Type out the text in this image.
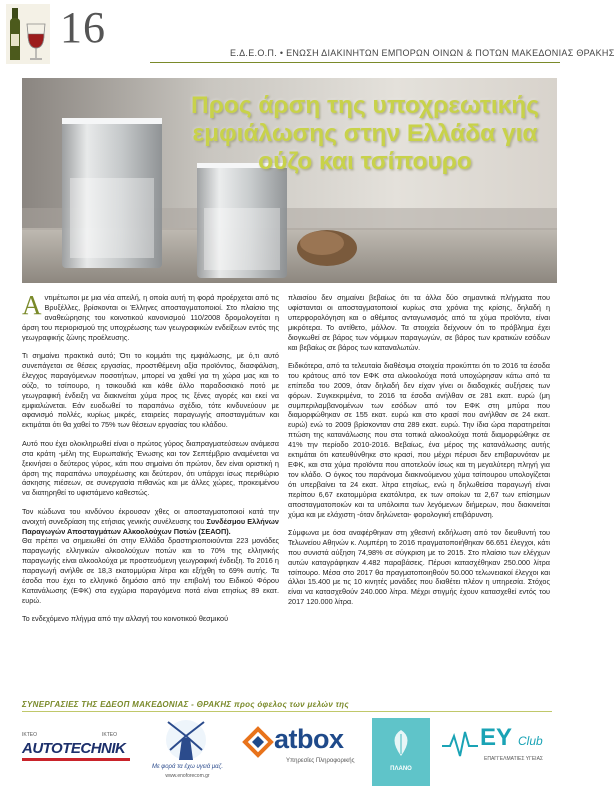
16
Ε.Δ.Ε.Ο.Π. • ΕΝΩΣΗ ΔΙΑΚΙΝΗΤΩΝ ΕΜΠΟΡΩΝ ΟΙΝΩΝ & ΠΟΤΩΝ ΜΑΚΕΔΟΝΙΑΣ ΘΡΑΚΗΣ
Προς άρση της υποχρεωτικής εμφιάλωσης στην Ελλάδα για ούζο και τσίπουρο

Αντιμέτωποι με μια νέα απειλή, η οποία αυτή τη φορά προέρχεται από τις Βρυξέλλες, βρίσκονται οι Έλληνες αποσταγματοποιοί. Στο πλαίσιο της αναθεώρησης του κοινοτικού κανονισμού 110/2008 δρομολογείται η άρση του περιορισμού της υποχρέωσης των γεωγραφικών ενδείξεων εντός της γεωγραφικής ζώνης προέλευσης.

Τι σημαίνει πρακτικά αυτό; Ότι το κομμάτι της εμφιάλωσης, με ό,τι αυτό συνεπάγεται σε θέσεις εργασίας, προστιθέμενη αξία προϊόντος, διασφάλιση, έλεγχος παραγόμενων ποσοτήτων, μπορεί να χαθεί για τη χώρα μας και το ούζο, το τσίπουρο, η τσικουδιά και κάθε άλλο παραδοσιακό ποτό με γεωγραφική ένδειξη να διακινείται χύμα προς τις ξένες αγορές και εκεί να εμφιαλώνεται. Εάν ευοδωθεί το παραπάνω σχέδιο, τότε κινδυνεύουν με αφανισμό πολλές, κυρίως μικρές, εταιρείες παραγωγής αποσταγμάτων και εκτιμάται ότι θα χαθεί το 75% των θέσεων εργασίας του κλάδου.

Αυτό που έχει ολοκληρωθεί είναι ο πρώτος γύρος διαπραγματεύσεων ανάμεσα στα κράτη -μέλη της Ευρωπαϊκής Ένωσης και τον Σεπτέμβριο αναμένεται να ξεκινήσει ο δεύτερος γύρος, κάτι που σημαίνει ότι πρώτον, δεν είναι οριστική η άρση της παραπάνω υποχρέωσης και δεύτερον, ότι υπάρχει ίσως περιθώριο άσκησης πιέσεων, σε συνεργασία πιθανώς και με άλλες χώρες, προκειμένου να διατηρηθεί το υφιστάμενο καθεστώς.

Τον κώδωνα του κινδύνου έκρουσαν χθες οι αποσταγματοποιοί κατά την ανοιχτή συνεδρίαση της ετήσιας γενικής συνέλευσης του Συνδέσμου Ελλήνων Παραγωγών Αποσταγμάτων Αλκοολούχων Ποτών (ΣΕΑΟΠ).

Θα πρέπει να σημειωθεί ότι στην Ελλάδα δραστηριοποιούνται 223 μονάδες παραγωγής ελληνικών αλκοολούχων ποτών και το 70% της ελληνικής παραγωγής είναι αλκοολούχα με προστευόμενη γεωγραφική ένδειξη. Το 2016 η παραγωγή ανήλθε σε 18,3 εκατομμύρια λίτρα και εξήχθη το 69% αυτής. Τα έσοδα που έχει το ελληνικό δημόσιο από την επιβολή του Ειδικού Φόρου Κατανάλωσης (ΕΦΚ) στα εγχώρια παραγόμενα ποτά είναι ετησίως 89 εκατ. ευρώ.

Το ενδεχόμενο πλήγμα από την αλλαγή του κοινοτικού θεσμικού

πλαισίου δεν σημαίνει βεβαίως ότι τα άλλα δύο σημαντικά πλήγματα που υφίστανται οι αποσταγματοποιοί κυρίως στα χρόνια της κρίσης, δηλαδή η υπερφορολόγηση και ο αθέμιτος ανταγωνισμός από τα χύμα προϊόντα, είναι μικρότερα. Το αντίθετο, μάλλον. Τα στοιχεία δείχνουν ότι το πρόβλημα έχει διογκωθεί σε βάρος των νόμιμων παραγωγών, σε βάρος των κρατικών εσόδων και βεβαίως σε βάρος των καταναλωτών.

Ειδικότερα, από τα τελευταία διαθέσιμα στοιχεία προκύπτει ότι το 2016 τα έσοδα του κράτους από τον ΕΦΚ στα αλκοολούχα ποτά υποχώρησαν κάτω από τα επίπεδα του 2009, όταν δηλαδή δεν είχαν γίνει οι διαδοχικές αυξήσεις των φόρων. Συγκεκριμένα, το 2016 τα έσοδα ανήλθαν σε 281 εκατ. ευρώ (μη συμπεριλαμβανομένων των εσόδων από τον ΕΦΚ στη μπύρα που διαμορφώθηκαν σε 155 εκατ. ευρώ και στο κρασί που ανήλθαν σε 24 εκατ. ευρώ) ενώ το 2009 βρίσκονταν στα 289 εκατ. ευρώ. Την ίδια ώρα παρατηρείται πτώση της κατανάλωσης που στα τοπικά αλκοολούχα ποτά διαμορφώθηκε σε 41% την περίοδο 2010-2016. Βεβαίως, ένα μέρος της κατανάλωσης αυτής εκτιμάται ότι κατευθύνθηκε στο κρασί, που μέχρι πέρυσι δεν επιβαρυνόταν με ΕΦΚ, και στα χύμα προϊόντα που αποτελούν ίσως και τη μεγαλύτερη πληγή για τον κλάδο. Ο όγκος του παράνομα διακινούμενου χύμα τσίπουρου υπολογίζεται ότι υπερβαίνει τα 24 εκατ. λίτρα ετησίως, ενώ η δηλωθείσα παραγωγή είναι περίπου 6,67 εκατομμύρια εκατόλιτρα, εκ των οποίων τα 2,67 των επίσημων αποσταγματοποιών και τα υπόλοιπα των λεγόμενων διήμερων, που διακινείται χύμα και με ελάχιστη -όταν δηλώνεται- φορολογική επιβάρυνση.

Σύμφωνα με όσα αναφέρθηκαν στη χθεσινή εκδήλωση από τον διευθυντή του Τελωνείου Αθηνών κ. Λυμπέρη το 2016 πραγματοποιήθηκαν 66.651 έλεγχοι, κάτι που συνιστά αύξηση 74,98% σε σύγκριση με το 2015. Στο πλαίσιο των ελέγχων αυτών καταγράφηκαν 4.482 παραβάσεις. Πέρυσι κατασχέθηκαν 250.000 λίτρα τσίπουρο. Μέσα στο 2017 θα πραγματοποιηθούν 50.000 τελωνειακοί έλεγχοι και άλλοι 15.400 με τις 10 κινητές μονάδες που διαθέτει πλέον η υπηρεσία. Στόχος είναι να κατασχεθούν 240.000 λίτρα. Μέχρι στιγμής έχουν κατασχεθεί εντός του 2017 120.000 λίτρα.

ΣΥΝΕΡΓΑΣΙΕΣ ΤΗΣ ΕΔΕΟΠ ΜΑΚΕΔΟΝΙΑΣ - ΘΡΑΚΗΣ προς όφελος των μελών της
ΙΚΤΕΟ	ΙΚΤΕΟ
AUTOTECHNIK
Με φορά τα έχω υγειά μαζ.
www.enoforecom.gr
atbox
Υπηρεσίες Πληροφορικής
ΠΛΑΝΟ
EY Club
ΕΠΑΓΓΕΛΜΑΤΙΕΣ ΥΓΕΙΑΣ
